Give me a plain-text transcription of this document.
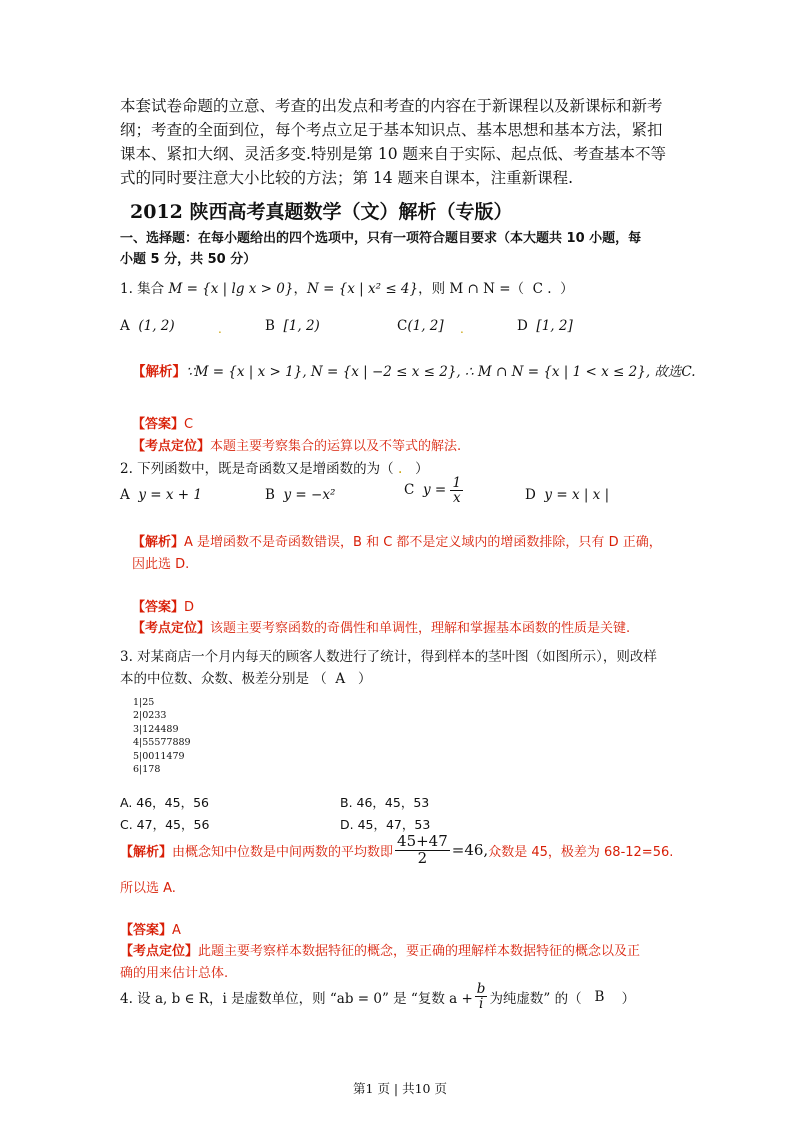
本套试卷命题的立意、考查的出发点和考查的内容在于新课程以及新课标和新考
纲；考查的全面到位，每个考点立足于基本知识点、基本思想和基本方法，紧扣
课本、紧扣大纲、灵活多变.特别是第 10 题来自于实际、起点低、考查基本不等
式的同时要注意大小比较的方法；第 14 题来自课本，注重新课程.
2012 陕西高考真题数学（文）解析（专版）
一、选择题：在每小题给出的四个选项中，只有一项符合题目要求（本大题共 10 小题，每
小题 5 分，共 50 分）
1. 集合 M = {x | lg x > 0}，N = {x | x² ≤ 4}，则 M ∩ N =（ C . ）
A (1, 2)	.	B [1, 2)	C(1, 2] .	D [1, 2]
【解析】∵M = {x | x > 1}, N = {x | −2 ≤ x ≤ 2}, ∴ M ∩ N = {x | 1 < x ≤ 2}, 故选C.
【答案】C
【考点定位】本题主要考察集合的运算以及不等式的解法.
2. 下列函数中，既是奇函数又是增函数的为（ . ）
A y = x + 1	B y = −x²	C $y = \frac{1}{x}$	D y = x | x |
【解析】A 是增函数不是奇函数错误，B 和 C 都不是定义域内的增函数排除，只有 D 正确，
因此选 D.
【答案】D
【考点定位】该题主要考察函数的奇偶性和单调性，理解和掌握基本函数的性质是关键.
3. 对某商店一个月内每天的顾客人数进行了统计，得到样本的茎叶图（如图所示），则改样
本的中位数、众数、极差分别是 （ A ）
1|25
2|0233
3|124489
4|55577889
5|0011479
6|178
A. 46，45，56	B. 46，45，53
C. 47，45，56	D. 45，47，53
【解析】 由概念知中位数是中间两数的平均数即 $\frac{45+47}{2} =46$, 众数是 45，极差为 68-12=56.
所以选 A.
【答案】A
【考点定位】此题主要考察样本数据特征的概念，要正确的理解样本数据特征的概念以及正
确的用来估计总体.
4. 设 a, b ∈ R，i 是虚数单位，则 “ab = 0” 是 “复数 $a + \frac{b}{i}$ 为纯虚数” 的（
B
）
第1 页 | 共10 页
